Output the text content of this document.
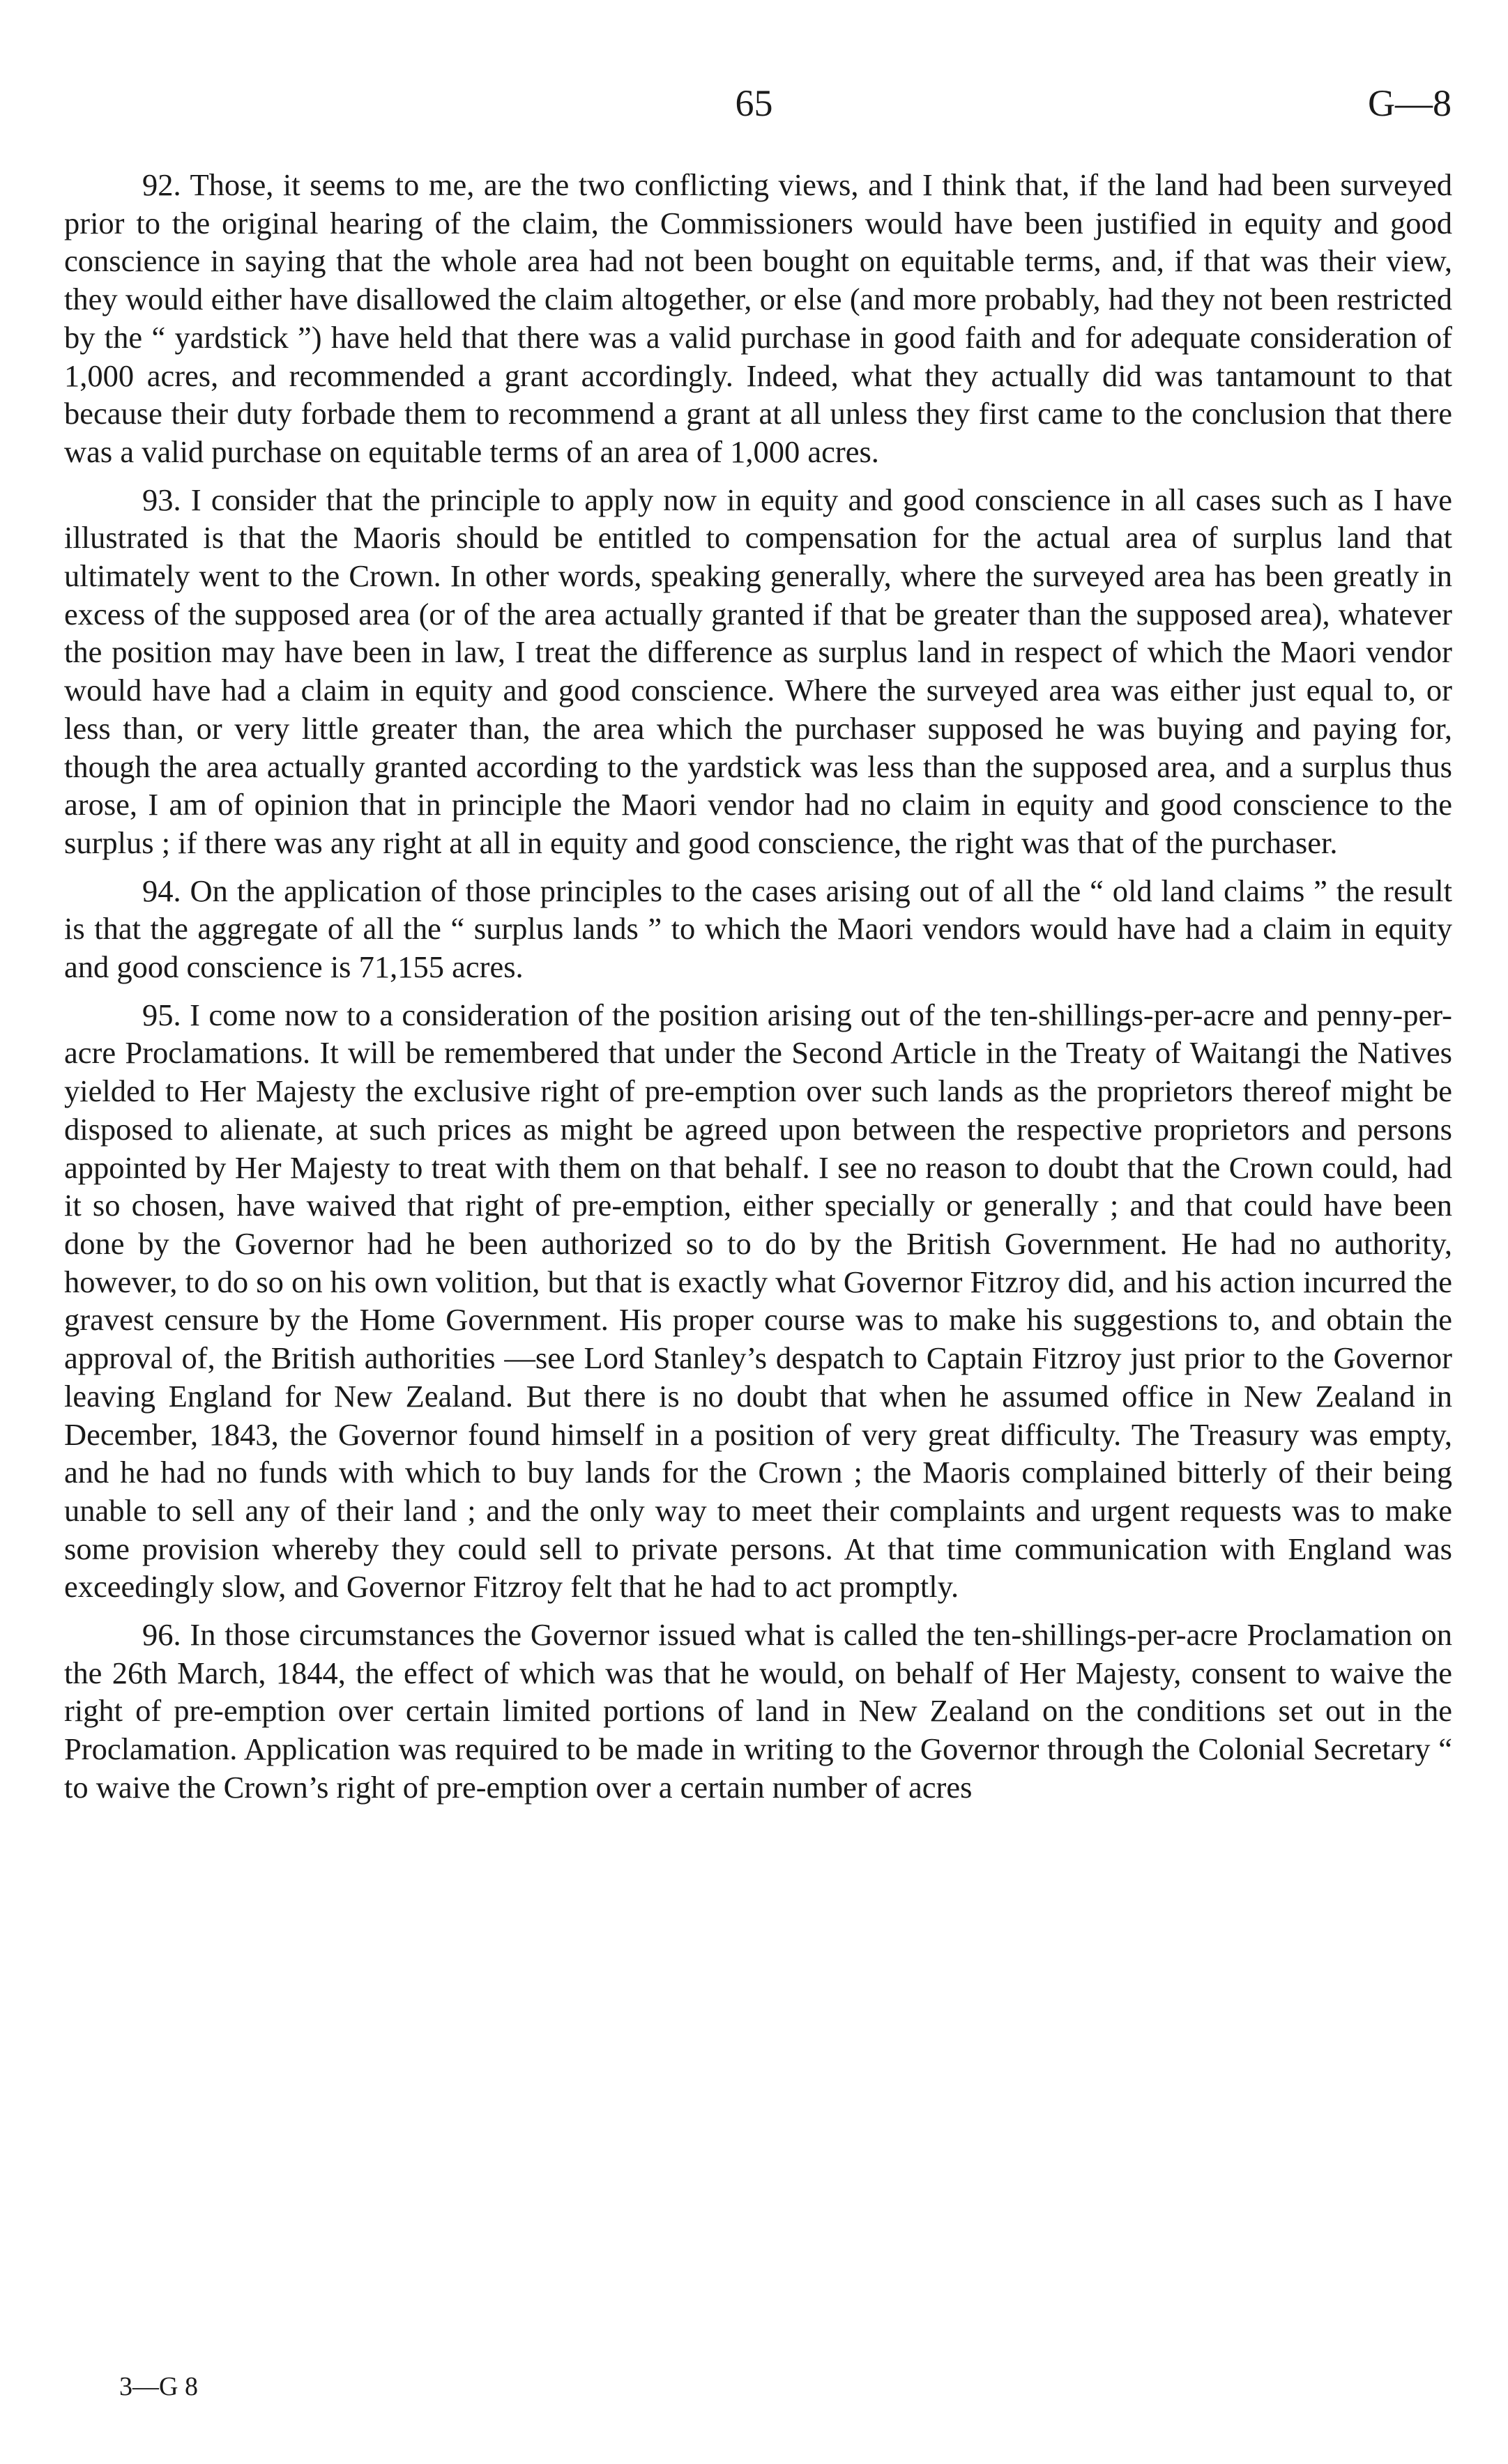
65	G—8

92. Those, it seems to me, are the two conflicting views, and I think that, if the land had been surveyed prior to the original hearing of the claim, the Commissioners would have been justified in equity and good conscience in saying that the whole area had not been bought on equitable terms, and, if that was their view, they would either have disallowed the claim altogether, or else (and more probably, had they not been restricted by the “ yardstick ”) have held that there was a valid purchase in good faith and for adequate consideration of 1,000 acres, and recommended a grant accordingly. Indeed, what they actually did was tantamount to that because their duty forbade them to recommend a grant at all unless they first came to the conclusion that there was a valid purchase on equitable terms of an area of 1,000 acres.

93. I consider that the principle to apply now in equity and good conscience in all cases such as I have illustrated is that the Maoris should be entitled to compensation for the actual area of surplus land that ultimately went to the Crown. In other words, speaking generally, where the surveyed area has been greatly in excess of the supposed area (or of the area actually granted if that be greater than the supposed area), whatever the position may have been in law, I treat the difference as surplus land in respect of which the Maori vendor would have had a claim in equity and good conscience. Where the surveyed area was either just equal to, or less than, or very little greater than, the area which the purchaser supposed he was buying and paying for, though the area actually granted according to the yardstick was less than the supposed area, and a surplus thus arose, I am of opinion that in principle the Maori vendor had no claim in equity and good conscience to the surplus ; if there was any right at all in equity and good conscience, the right was that of the purchaser.

94. On the application of those principles to the cases arising out of all the “ old land claims ” the result is that the aggregate of all the “ surplus lands ” to which the Maori vendors would have had a claim in equity and good conscience is 71,155 acres.

95. I come now to a consideration of the position arising out of the ten-shillings-per-acre and penny-per-acre Proclamations. It will be remembered that under the Second Article in the Treaty of Waitangi the Natives yielded to Her Majesty the exclusive right of pre-emption over such lands as the proprietors thereof might be disposed to alienate, at such prices as might be agreed upon between the respective proprietors and persons appointed by Her Majesty to treat with them on that behalf. I see no reason to doubt that the Crown could, had it so chosen, have waived that right of pre-emption, either specially or generally ; and that could have been done by the Governor had he been authorized so to do by the British Government. He had no authority, however, to do so on his own volition, but that is exactly what Governor Fitzroy did, and his action incurred the gravest censure by the Home Government. His proper course was to make his suggestions to, and obtain the approval of, the British authorities —see Lord Stanley’s despatch to Captain Fitzroy just prior to the Governor leaving England for New Zealand. But there is no doubt that when he assumed office in New Zealand in December, 1843, the Governor found himself in a position of very great difficulty. The Treasury was empty, and he had no funds with which to buy lands for the Crown ; the Maoris complained bitterly of their being unable to sell any of their land ; and the only way to meet their complaints and urgent requests was to make some provision whereby they could sell to private persons. At that time communication with England was exceedingly slow, and Governor Fitzroy felt that he had to act promptly.

96. In those circumstances the Governor issued what is called the ten-shillings-per-acre Proclamation on the 26th March, 1844, the effect of which was that he would, on behalf of Her Majesty, consent to waive the right of pre-emption over certain limited portions of land in New Zealand on the conditions set out in the Proclamation. Application was required to be made in writing to the Governor through the Colonial Secretary “ to waive the Crown’s right of pre-emption over a certain number of acres

3—G 8
